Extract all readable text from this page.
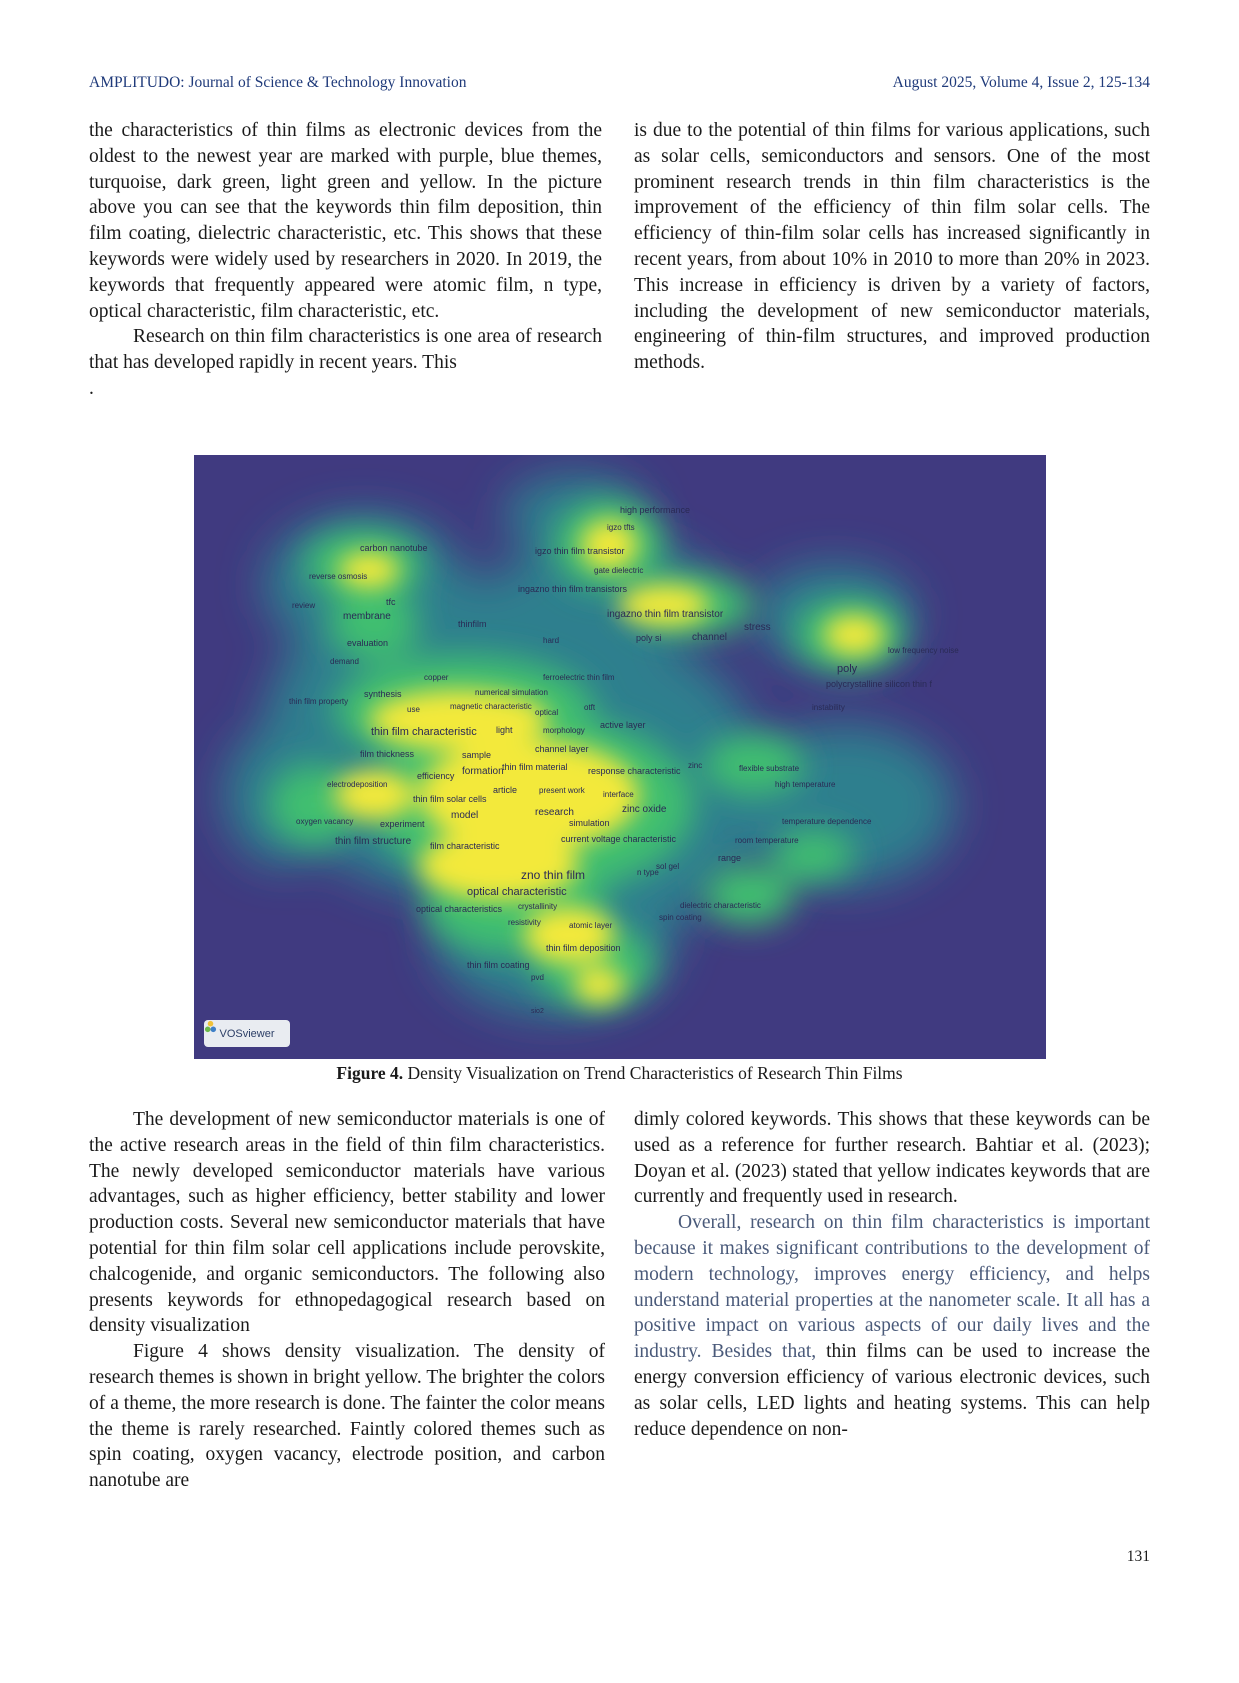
AMPLITUDO: Journal of Science & Technology Innovation	August 2025, Volume 4, Issue 2, 125-134

the characteristics of thin films as electronic devices from the oldest to the newest year are marked with purple, blue themes, turquoise, dark green, light green and yellow. In the picture above you can see that the keywords thin film deposition, thin film coating, dielectric characteristic, etc. This shows that these keywords were widely used by researchers in 2020. In 2019, the keywords that frequently appeared were atomic film, n type, optical characteristic, film characteristic, etc.

Research on thin film characteristics is one area of research that has developed rapidly in recent years. This

.

is due to the potential of thin films for various applications, such as solar cells, semiconductors and sensors. One of the most prominent research trends in thin film characteristics is the improvement of the efficiency of thin film solar cells. The efficiency of thin-film solar cells has increased significantly in recent years, from about 10% in 2010 to more than 20% in 2023. This increase in efficiency is driven by a variety of factors, including the development of new semiconductor materials, engineering of thin-film structures, and improved production methods.

high performance
igzo tfts
carbon nanotube	igzo thin film transistor
gate dielectric
reverse osmosis
ingazno thin film transistors
review	tfc
ingazno thin film transistor
membrane
thinfilm	stress
hard	poly si	channel
evaluation
low frequency noise
demand
poly
copper	ferroelectric thin film
polycrystalline silicon thin f
numerical simulation
synthesis
thin film property
magnetic characteristic
use	optical
otft	instability
active layer
thin film characteristic light	morphology
channel layer
film thickness	sample
thin film material
formation
zinc	flexible substrate
response characteristic
efficiency
electrodeposition	high temperature
article	present work interface
thin film solar cells
zinc oxide
research
model
oxygen vacancy	experiment	simulation	temperature dependence
thin film structure	current voltage characteristic	room temperature
film characteristic
range
sol gel
zno thin film	n type
optical characteristic
dielectric characteristic
optical characteristics crystallinity
spin coating
resistivity	atomic layer
thin film deposition
thin film coating
pvd
sio2
VOSviewer
Figure 4. Density Visualization on Trend Characteristics of Research Thin Films

The development of new semiconductor materials is one of the active research areas in the field of thin film characteristics. The newly developed semiconductor materials have various advantages, such as higher efficiency, better stability and lower production costs. Several new semiconductor materials that have potential for thin film solar cell applications include perovskite, chalcogenide, and organic semiconductors. The following also presents keywords for ethnopedagogical research based on density visualization

Figure 4 shows density visualization. The density of research themes is shown in bright yellow. The brighter the colors of a theme, the more research is done. The fainter the color means the theme is rarely researched. Faintly colored themes such as spin coating, oxygen vacancy, electrode position, and carbon nanotube are

dimly colored keywords. This shows that these keywords can be used as a reference for further research. Bahtiar et al. (2023); Doyan et al. (2023) stated that yellow indicates keywords that are currently and frequently used in research.

Overall, research on thin film characteristics is important because it makes significant contributions to the development of modern technology, improves energy efficiency, and helps understand material properties at the nanometer scale. It all has a positive impact on various aspects of our daily lives and the industry. Besides that, thin films can be used to increase the energy conversion efficiency of various electronic devices, such as solar cells, LED lights and heating systems. This can help reduce dependence on non-

131
